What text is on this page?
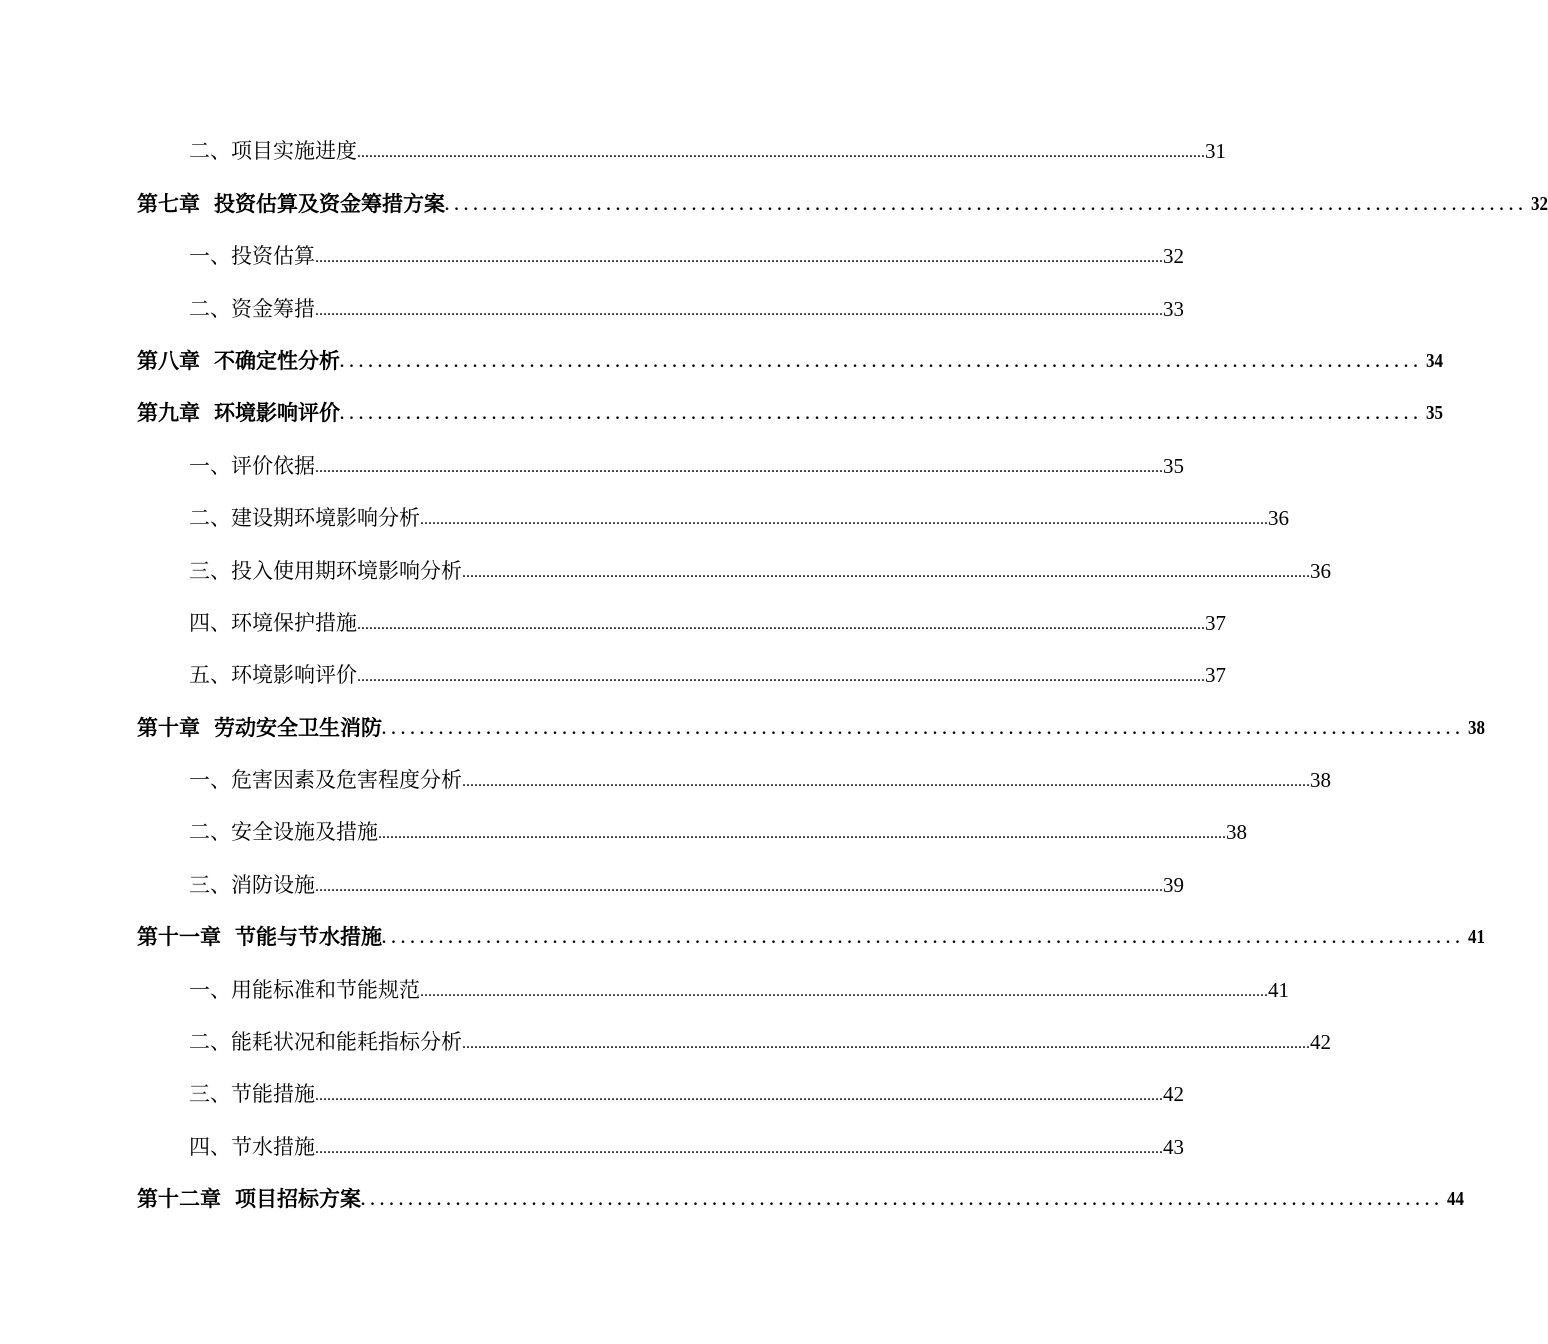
二、项目实施进度 .................................................................................................................................................................................................................... 31
第七章 投资估算及资金筹措方案 .................................................................................................................. 32
一、投资估算 .................................................................................................................................................................................................................... 32
二、资金筹措 .................................................................................................................................................................................................................... 33
第八章 不确定性分析 .................................................................................................................. 34
第九章 环境影响评价 .................................................................................................................. 35
一、评价依据 .................................................................................................................................................................................................................... 35
二、建设期环境影响分析 .................................................................................................................................................................................................................... 36
三、投入使用期环境影响分析 .................................................................................................................................................................................................................... 36
四、环境保护措施 .................................................................................................................................................................................................................... 37
五、环境影响评价 .................................................................................................................................................................................................................... 37
第十章 劳动安全卫生消防 .................................................................................................................. 38
一、危害因素及危害程度分析 .................................................................................................................................................................................................................... 38
二、安全设施及措施 .................................................................................................................................................................................................................... 38
三、消防设施 .................................................................................................................................................................................................................... 39
第十一章 节能与节水措施 .................................................................................................................. 41
一、用能标准和节能规范 .................................................................................................................................................................................................................... 41
二、能耗状况和能耗指标分析 .................................................................................................................................................................................................................... 42
三、节能措施 .................................................................................................................................................................................................................... 42
四、节水措施 .................................................................................................................................................................................................................... 43
第十二章 项目招标方案 .................................................................................................................. 44
